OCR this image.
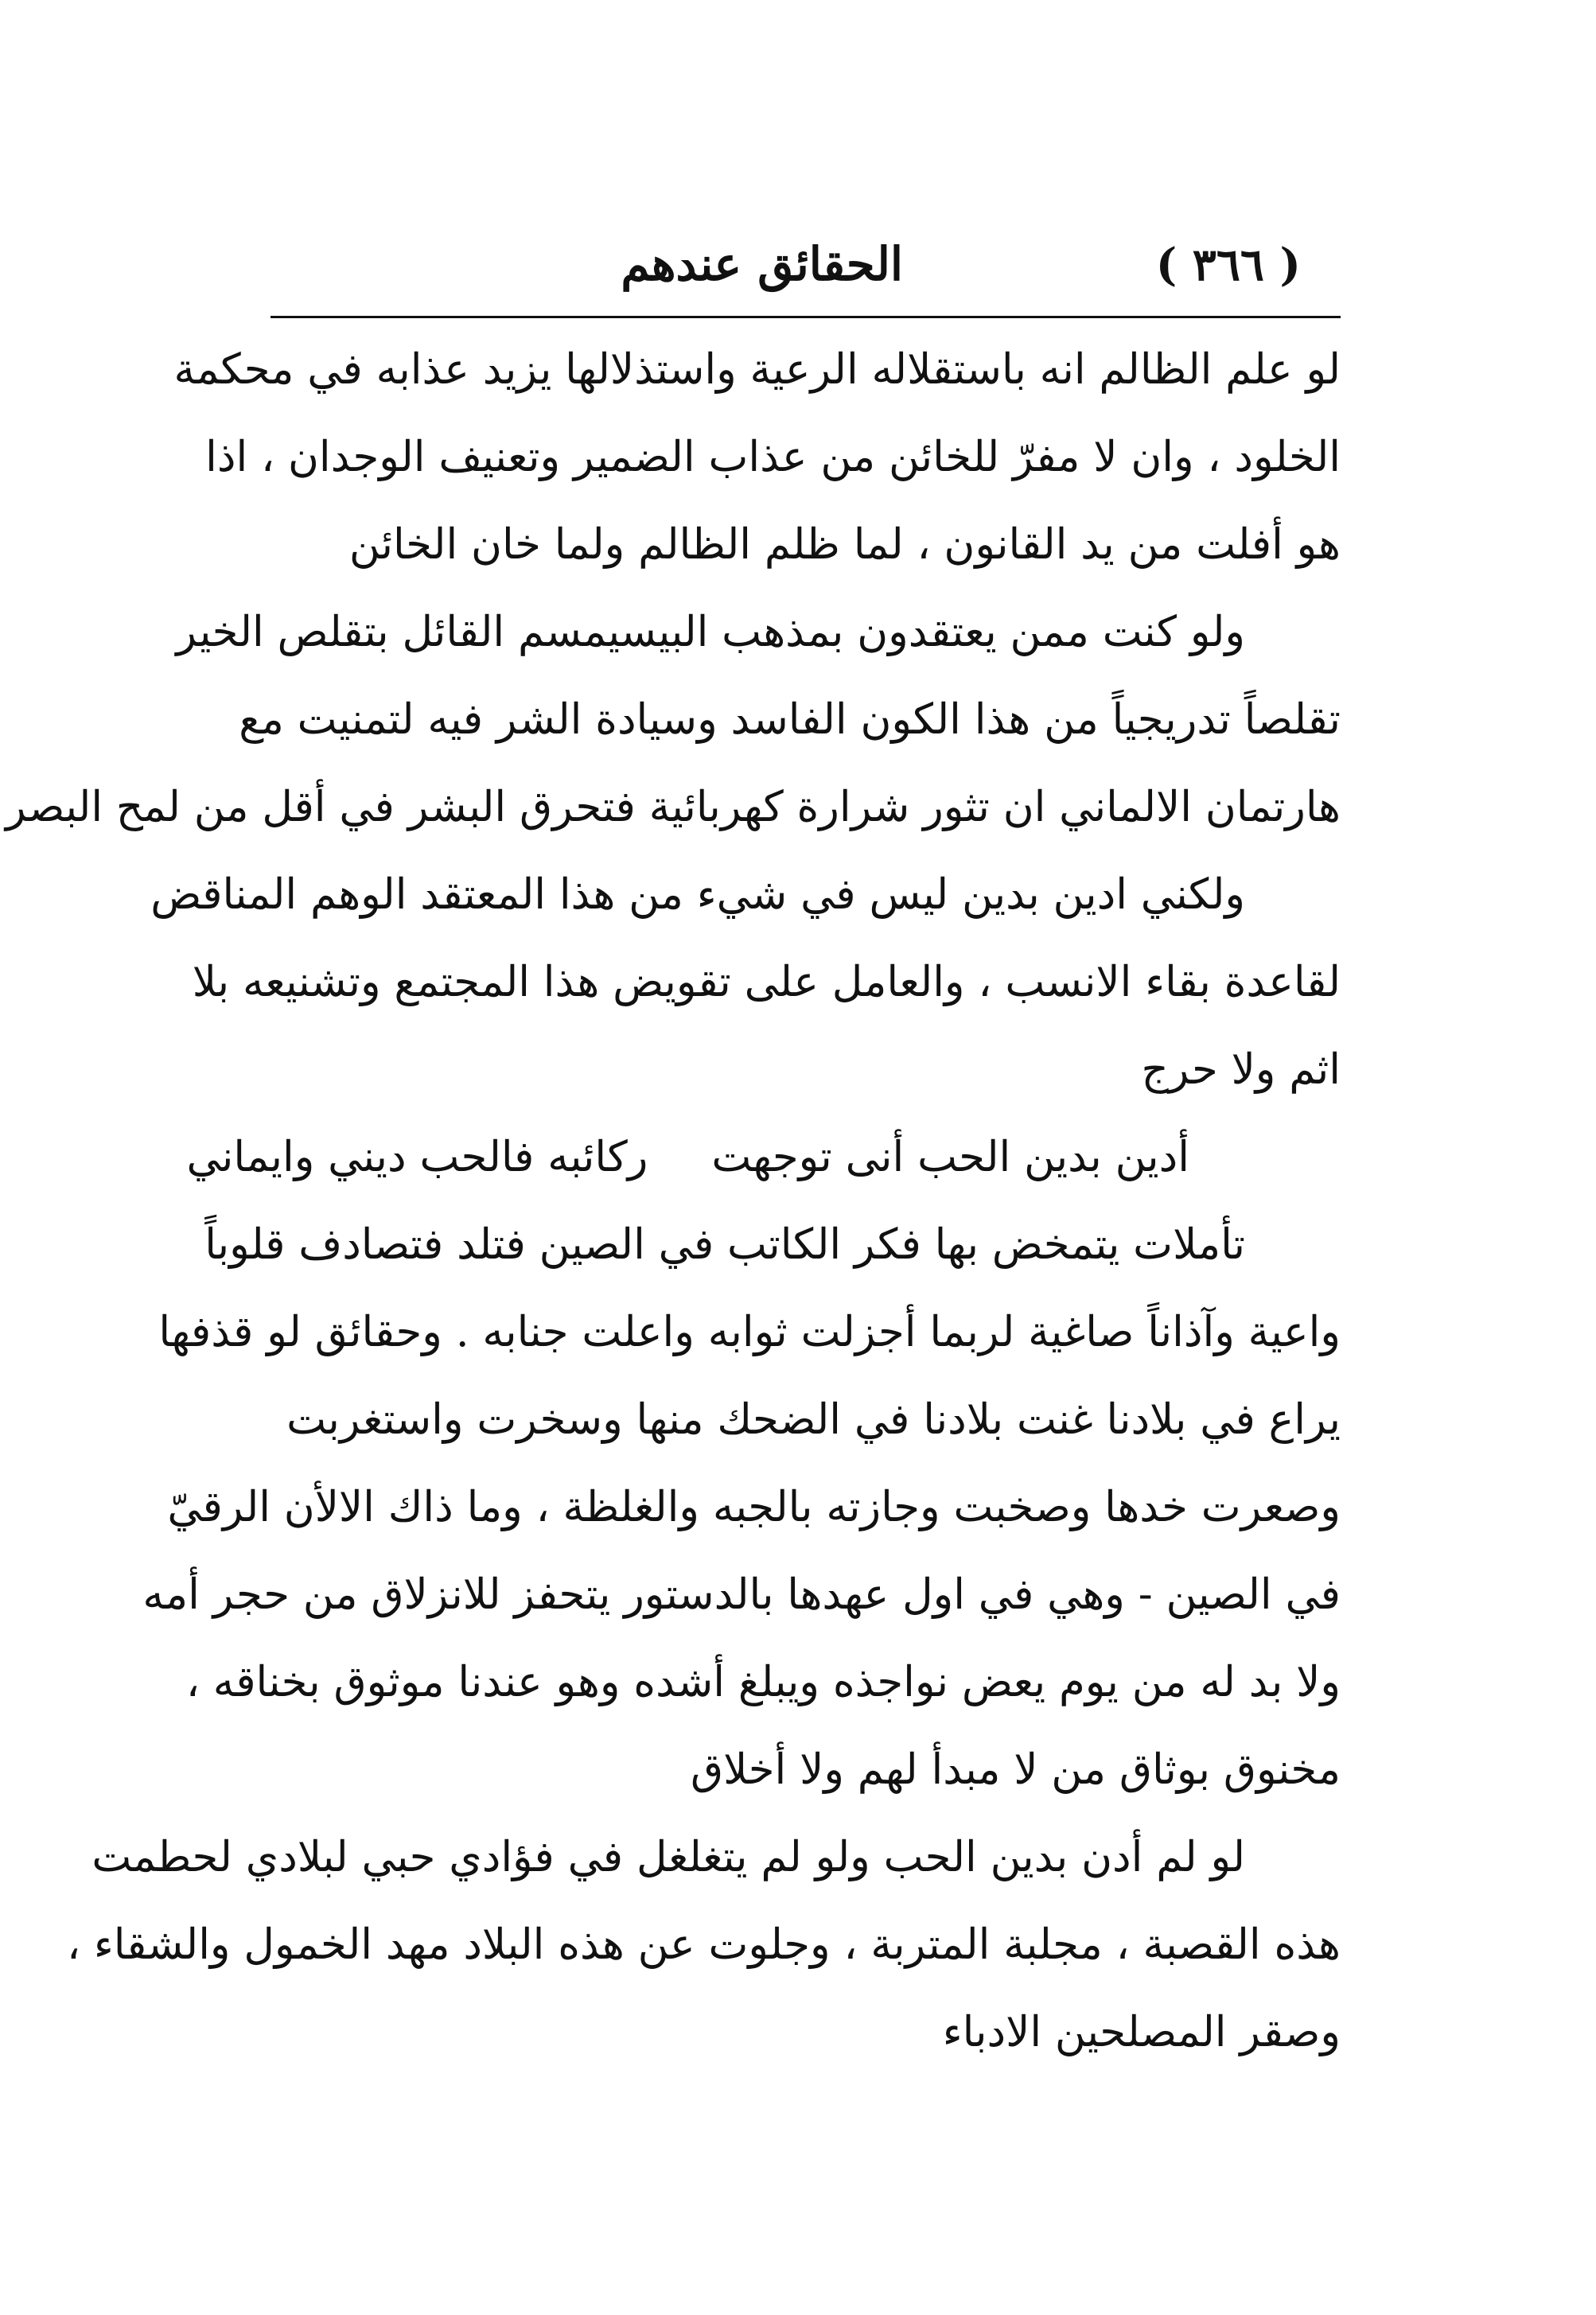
( ٣٦٦ )
الحقائق عندهم
لو علم الظالم انه باستقلاله الرعية واستذلالها يزيد عذابه في محكمة
الخلود ، وان لا مفرّ للخائن من عذاب الضمير وتعنيف الوجدان ، اذا
هو أفلت من يد القانون ، لما ظلم الظالم ولما خان الخائن
ولو كنت ممن يعتقدون بمذهب البيسيمسم القائل بتقلص الخير
تقلصاً تدريجياً من هذا الكون الفاسد وسيادة الشر فيه لتمنيت مع
هارتمان الالماني ان تثور شرارة كهربائية فتحرق البشر في أقل من لمح البصر
ولكني ادين بدين ليس في شيء من هذا المعتقد الوهم المناقض
لقاعدة بقاء الانسب ، والعامل على تقويض هذا المجتمع وتشنيعه بلا
اثم ولا حرج
أدين بدين الحب أنى توجهتركائبه فالحب ديني وايماني
تأملات يتمخض بها فكر الكاتب في الصين فتلد فتصادف قلوباً
واعية وآذاناً صاغية لربما أجزلت ثوابه واعلت جنابه . وحقائق لو قذفها
يراع في بلادنا غنت بلادنا في الضحك منها وسخرت واستغربت
وصعرت خدها وصخبت وجازته بالجبه والغلظة ، وما ذاك الالأن الرقيّ
في الصين - وهي في اول عهدها بالدستور يتحفز للانزلاق من حجر أمه
ولا بد له من يوم يعض نواجذه ويبلغ أشده وهو عندنا موثوق بخناقه ،
مخنوق بوثاق من لا مبدأ لهم ولا أخلاق
لو لم أدن بدين الحب ولو لم يتغلغل في فؤادي حبي لبلادي لحطمت
هذه القصبة ، مجلبة المتربة ، وجلوت عن هذه البلاد مهد الخمول والشقاء ،
وصقر المصلحين الادباء
